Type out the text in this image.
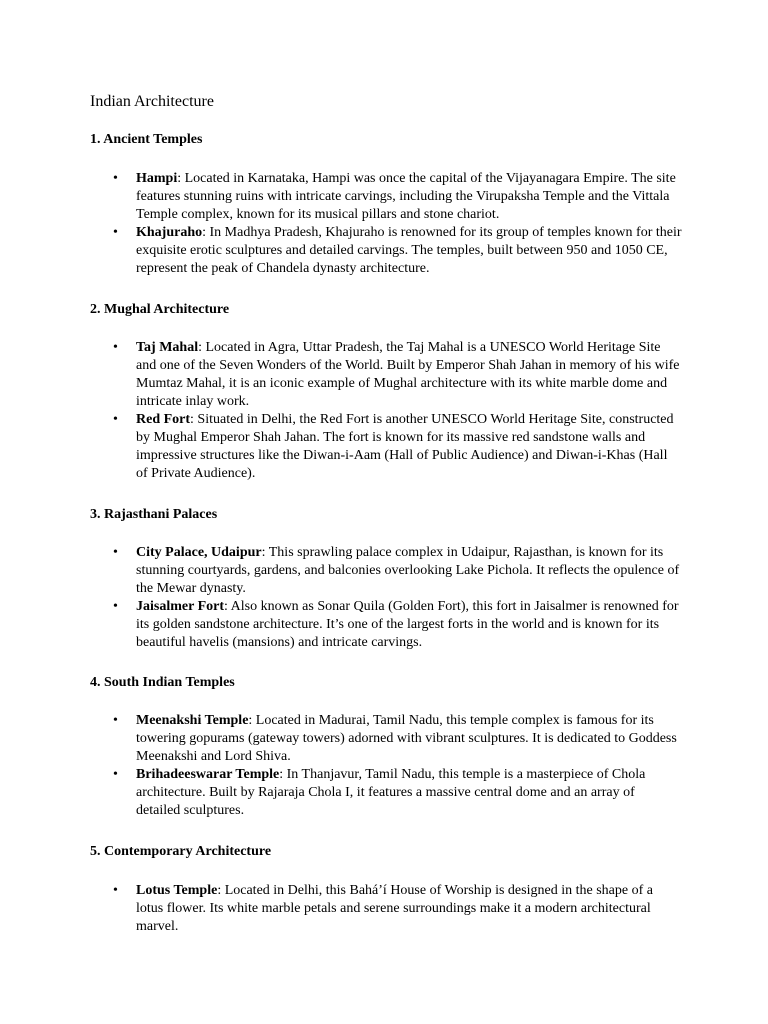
Indian Architecture
1. Ancient Temples
• Hampi: Located in Karnataka, Hampi was once the capital of the Vijayanagara Empire. The site features stunning ruins with intricate carvings, including the Virupaksha Temple and the Vittala Temple complex, known for its musical pillars and stone chariot.
• Khajuraho: In Madhya Pradesh, Khajuraho is renowned for its group of temples known for their exquisite erotic sculptures and detailed carvings. The temples, built between 950 and 1050 CE, represent the peak of Chandela dynasty architecture.
2. Mughal Architecture
• Taj Mahal: Located in Agra, Uttar Pradesh, the Taj Mahal is a UNESCO World Heritage Site and one of the Seven Wonders of the World. Built by Emperor Shah Jahan in memory of his wife Mumtaz Mahal, it is an iconic example of Mughal architecture with its white marble dome and intricate inlay work.
• Red Fort: Situated in Delhi, the Red Fort is another UNESCO World Heritage Site, constructed by Mughal Emperor Shah Jahan. The fort is known for its massive red sandstone walls and impressive structures like the Diwan-i-Aam (Hall of Public Audience) and Diwan-i-Khas (Hall of Private Audience).
3. Rajasthani Palaces
• City Palace, Udaipur: This sprawling palace complex in Udaipur, Rajasthan, is known for its stunning courtyards, gardens, and balconies overlooking Lake Pichola. It reflects the opulence of the Mewar dynasty.
• Jaisalmer Fort: Also known as Sonar Quila (Golden Fort), this fort in Jaisalmer is renowned for its golden sandstone architecture. It’s one of the largest forts in the world and is known for its beautiful havelis (mansions) and intricate carvings.
4. South Indian Temples
• Meenakshi Temple: Located in Madurai, Tamil Nadu, this temple complex is famous for its towering gopurams (gateway towers) adorned with vibrant sculptures. It is dedicated to Goddess Meenakshi and Lord Shiva.
• Brihadeeswarar Temple: In Thanjavur, Tamil Nadu, this temple is a masterpiece of Chola architecture. Built by Rajaraja Chola I, it features a massive central dome and an array of detailed sculptures.
5. Contemporary Architecture
• Lotus Temple: Located in Delhi, this Bahá’í House of Worship is designed in the shape of a lotus flower. Its white marble petals and serene surroundings make it a modern architectural marvel.
